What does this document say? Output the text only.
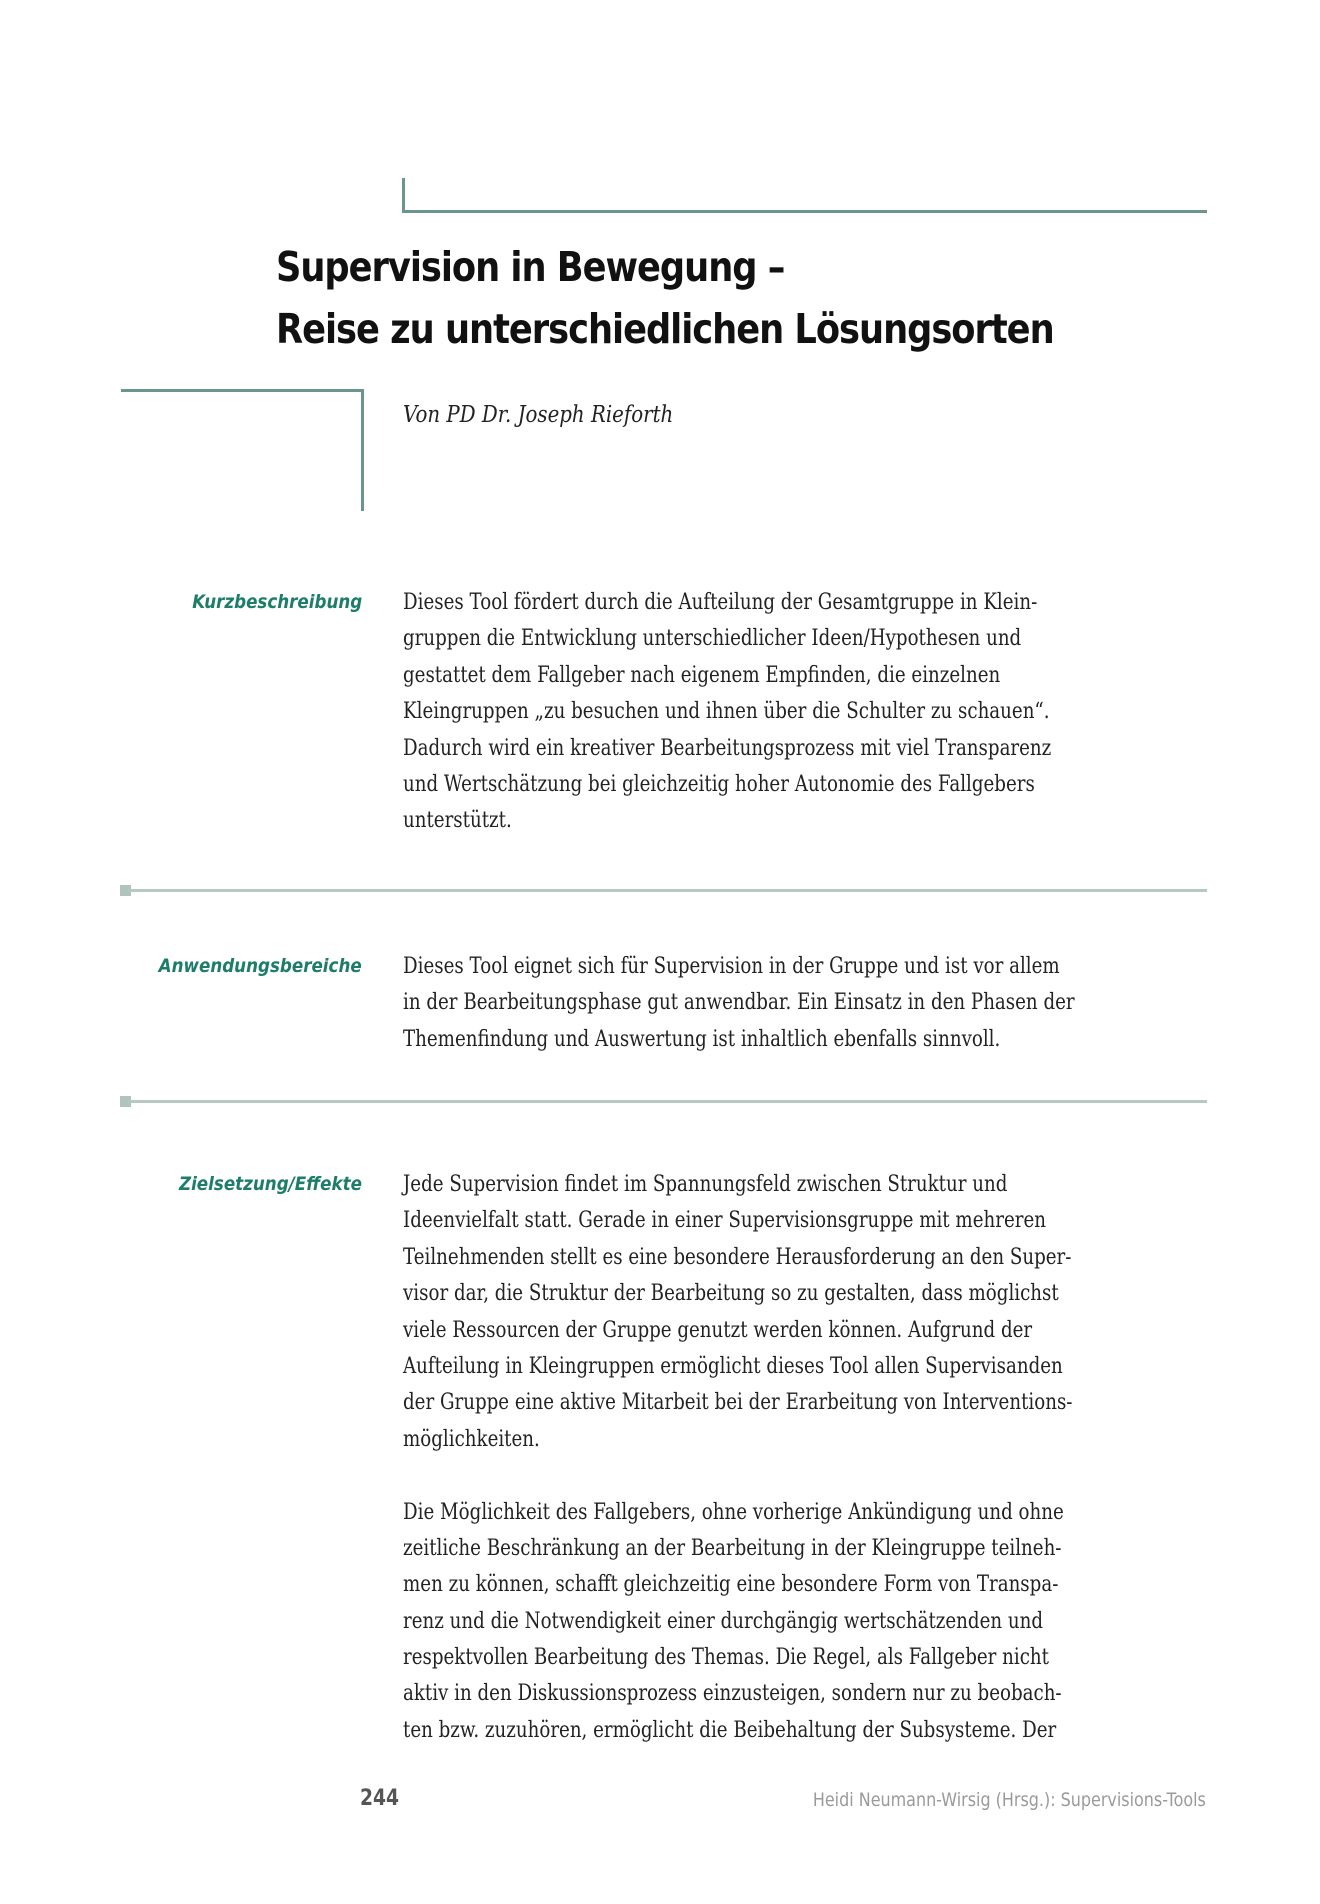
Supervision in Bewegung –
Reise zu unterschiedlichen Lösungsorten
Von PD Dr. Joseph Rieforth
Kurzbeschreibung Dieses Tool fördert durch die Aufteilung der Gesamtgruppe in Klein-
gruppen die Entwicklung unterschiedlicher Ideen/Hypothesen und
gestattet dem Fallgeber nach eigenem Empfinden, die einzelnen
Kleingruppen „zu besuchen und ihnen über die Schulter zu schauen“.
Dadurch wird ein kreativer Bearbeitungsprozess mit viel Transparenz
und Wertschätzung bei gleichzeitig hoher Autonomie des Fallgebers
unterstützt.
Anwendungsbereiche Dieses Tool eignet sich für Supervision in der Gruppe und ist vor allem
in der Bearbeitungsphase gut anwendbar. Ein Einsatz in den Phasen der
Themenfindung und Auswertung ist inhaltlich ebenfalls sinnvoll.
Zielsetzung/Effekte Jede Supervision findet im Spannungsfeld zwischen Struktur und
Ideenvielfalt statt. Gerade in einer Supervisionsgruppe mit mehreren
Teilnehmenden stellt es eine besondere Herausforderung an den Super-
visor dar, die Struktur der Bearbeitung so zu gestalten, dass möglichst
viele Ressourcen der Gruppe genutzt werden können. Aufgrund der
Aufteilung in Kleingruppen ermöglicht dieses Tool allen Supervisanden
der Gruppe eine aktive Mitarbeit bei der Erarbeitung von Interventions-
möglichkeiten.
Die Möglichkeit des Fallgebers, ohne vorherige Ankündigung und ohne
zeitliche Beschränkung an der Bearbeitung in der Kleingruppe teilneh-
men zu können, schafft gleichzeitig eine besondere Form von Transpa-
renz und die Notwendigkeit einer durchgängig wertschätzenden und
respektvollen Bearbeitung des Themas. Die Regel, als Fallgeber nicht
aktiv in den Diskussionsprozess einzusteigen, sondern nur zu beobach-
ten bzw. zuzuhören, ermöglicht die Beibehaltung der Subsysteme. Der
244	Heidi Neumann-Wirsig (Hrsg.): Supervisions-Tools
